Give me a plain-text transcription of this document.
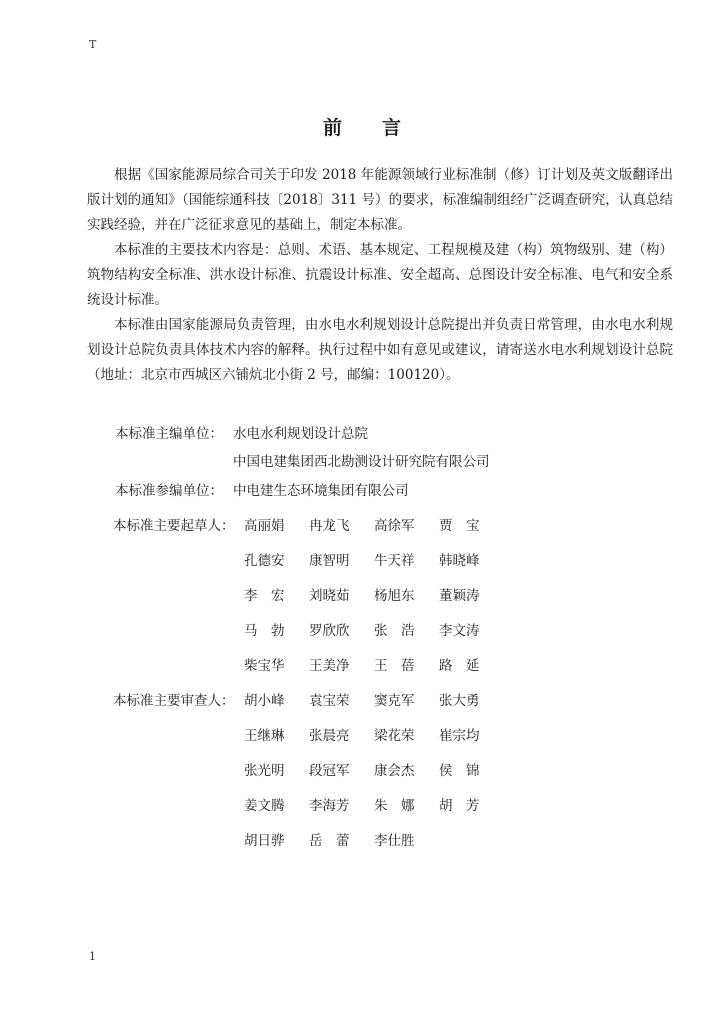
T
前 言

根据《国家能源局综合司关于印发 2018 年能源领域行业标准制（修）订计划及英文版翻译出版计划的通知》（国能综通科技〔2018〕311 号）的要求，标准编制组经广泛调查研究，认真总结实践经验，并在广泛征求意见的基础上，制定本标准。

本标准的主要技术内容是：总则、术语、基本规定、工程规模及建（构）筑物级别、建（构）筑物结构安全标准、洪水设计标准、抗震设计标准、安全超高、总图设计安全标准、电气和安全系统设计标准。

本标准由国家能源局负责管理，由水电水利规划设计总院提出并负责日常管理，由水电水利规划设计总院负责具体技术内容的解释。执行过程中如有意见或建议，请寄送水电水利规划设计总院（地址：北京市西城区六铺炕北小街 2 号，邮编：100120）。

本标准主编单位： 水电水利规划设计总院
中国电建集团西北勘测设计研究院有限公司
本标准参编单位： 中电建生态环境集团有限公司
本标准主要起草人： 高丽娟 冉龙飞 高徐军 贾　宝
孔德安 康智明 牛天祥 韩晓峰
李　宏 刘晓茹 杨旭东 董颖涛
马　勃 罗欣欣 张　浩 李文涛
柴宝华 王美净 王　蓓 路　延
本标准主要审查人： 胡小峰 袁宝荣 窦克军 张大勇
王继琳 张晨亮 梁花荣 崔宗均
张光明 段冠军 康会杰 侯　锦
姜文腾 李海芳 朱　娜 胡　芳
胡日骅 岳　蕾 李仕胜
1
